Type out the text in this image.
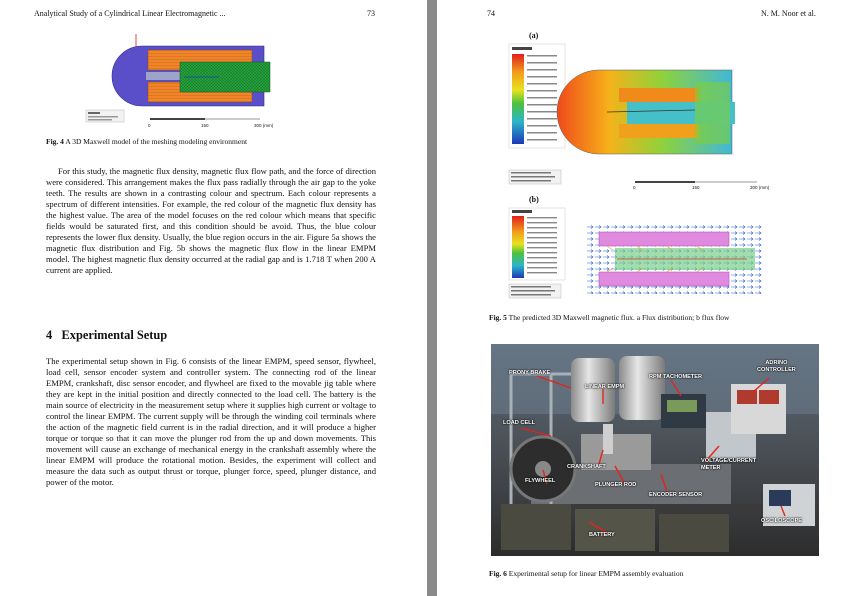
Analytical Study of a Cylindrical Linear Electromagnetic ...	73
0	150	300 (mm)
Fig. 4 A 3D Maxwell model of the meshing modeling environment

For this study, the magnetic flux density, magnetic flux flow path, and the force of direction were considered. This arrangement makes the flux pass radially through the air gap to the yoke teeth. The results are shown in a contrasting colour and spectrum. Each colour represents a spectrum of different intensities. For example, the red colour of the magnetic flux density has the highest value. The area of the model focuses on the red colour which means that specific fields would be saturated first, and this condition should be avoid. Thus, the blue colour represents the lower flux density. Usually, the blue region occurs in the air. Figure 5a shows the magnetic flux distribution and Fig. 5b shows the magnetic flux flow in the linear EMPM model. The highest magnetic flux density occurred at the radial gap and is 1.718 T when 200 A current are applied.

4 Experimental Setup

The experimental setup shown in Fig. 6 consists of the linear EMPM, speed sensor, flywheel, load cell, sensor encoder system and controller system. The connecting rod of the linear EMPM, crankshaft, disc sensor encoder, and flywheel are fixed to the movable jig table where they are kept in the initial position and directly connected to the load cell. The battery is the main source of electricity in the measurement setup where it supplies high current or voltage to control the linear EMPM. The current supply will be through the winding coil terminals where the action of the magnetic field current is in the radial direction, and it will produce a higher torque or torque so that it can move the plunger rod from the up and down movements. This movement will cause an exchange of mechanical energy in the crankshaft assembly where the linear EMPM will produce the rotational motion. Besides, the experiment will collect and measure the data such as output thrust or torque, plunger force, speed, plunger distance, and power of the motor.

74	N. M. Noor et al.
(a)
0	150	300 (mm)
(b)
Fig. 5 The predicted 3D Maxwell magnetic flux. a Flux distribution; b flux flow
PRONY BRAKE
LINEAR EMPM
RPM TACHOMETER
ADRINO
CONTROLLER
LOAD CELL
CRANKSHAFT
VOLTAGE/CURRENT
METER
FLYWHEEL
PLUNGER ROD
ENCODER SENSOR
OSCILOSCOPE
BATTERY
Fig. 6 Experimental setup for linear EMPM assembly evaluation
